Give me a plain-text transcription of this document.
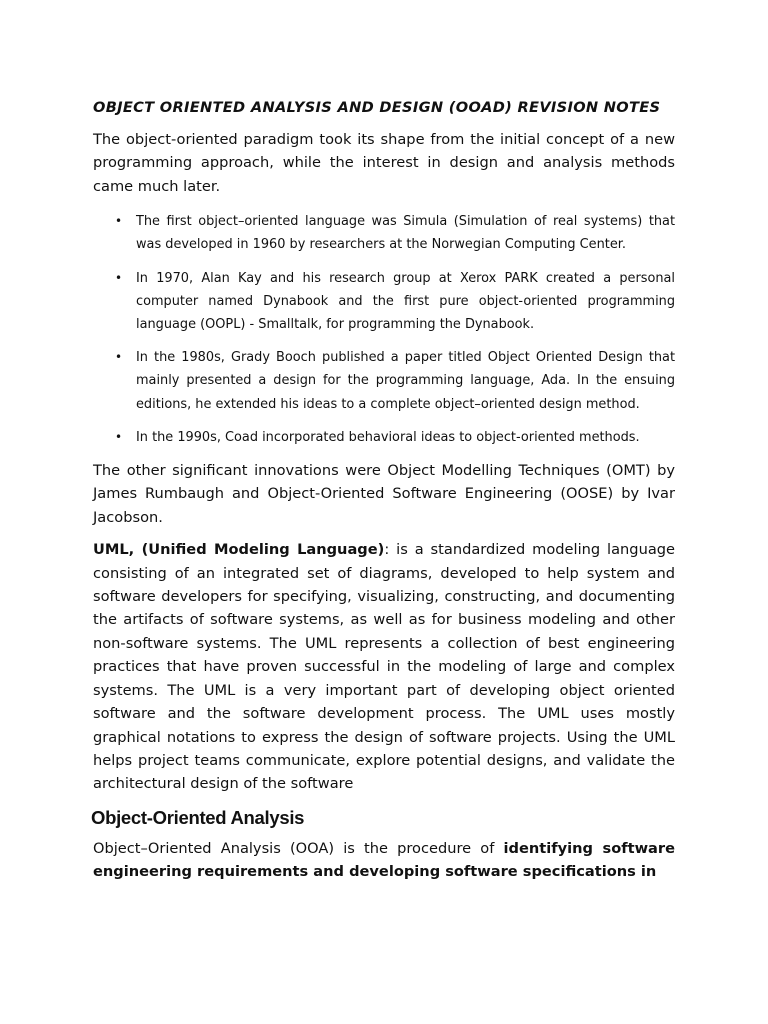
OBJECT ORIENTED ANALYSIS AND DESIGN (OOAD) REVISION NOTES

The object-oriented paradigm took its shape from the initial concept of a new programming approach, while the interest in design and analysis methods came much later.

• The first object–oriented language was Simula (Simulation of real systems) that was developed in 1960 by researchers at the Norwegian Computing Center.
• In 1970, Alan Kay and his research group at Xerox PARK created a personal computer named Dynabook and the first pure object-oriented programming language (OOPL) - Smalltalk, for programming the Dynabook.
• In the 1980s, Grady Booch published a paper titled Object Oriented Design that mainly presented a design for the programming language, Ada. In the ensuing editions, he extended his ideas to a complete object–oriented design method.
• In the 1990s, Coad incorporated behavioral ideas to object-oriented methods.

The other significant innovations were Object Modelling Techniques (OMT) by James Rumbaugh and Object-Oriented Software Engineering (OOSE) by Ivar Jacobson.

UML, (Unified Modeling Language): is a standardized modeling language consisting of an integrated set of diagrams, developed to help system and software developers for specifying, visualizing, constructing, and documenting the artifacts of software systems, as well as for business modeling and other non-software systems. The UML represents a collection of best engineering practices that have proven successful in the modeling of large and complex systems. The UML is a very important part of developing object oriented software and the software development process. The UML uses mostly graphical notations to express the design of software projects. Using the UML helps project teams communicate, explore potential designs, and validate the architectural design of the software

Object-Oriented Analysis

Object–Oriented Analysis (OOA) is the procedure of identifying software engineering requirements and developing software specifications in
